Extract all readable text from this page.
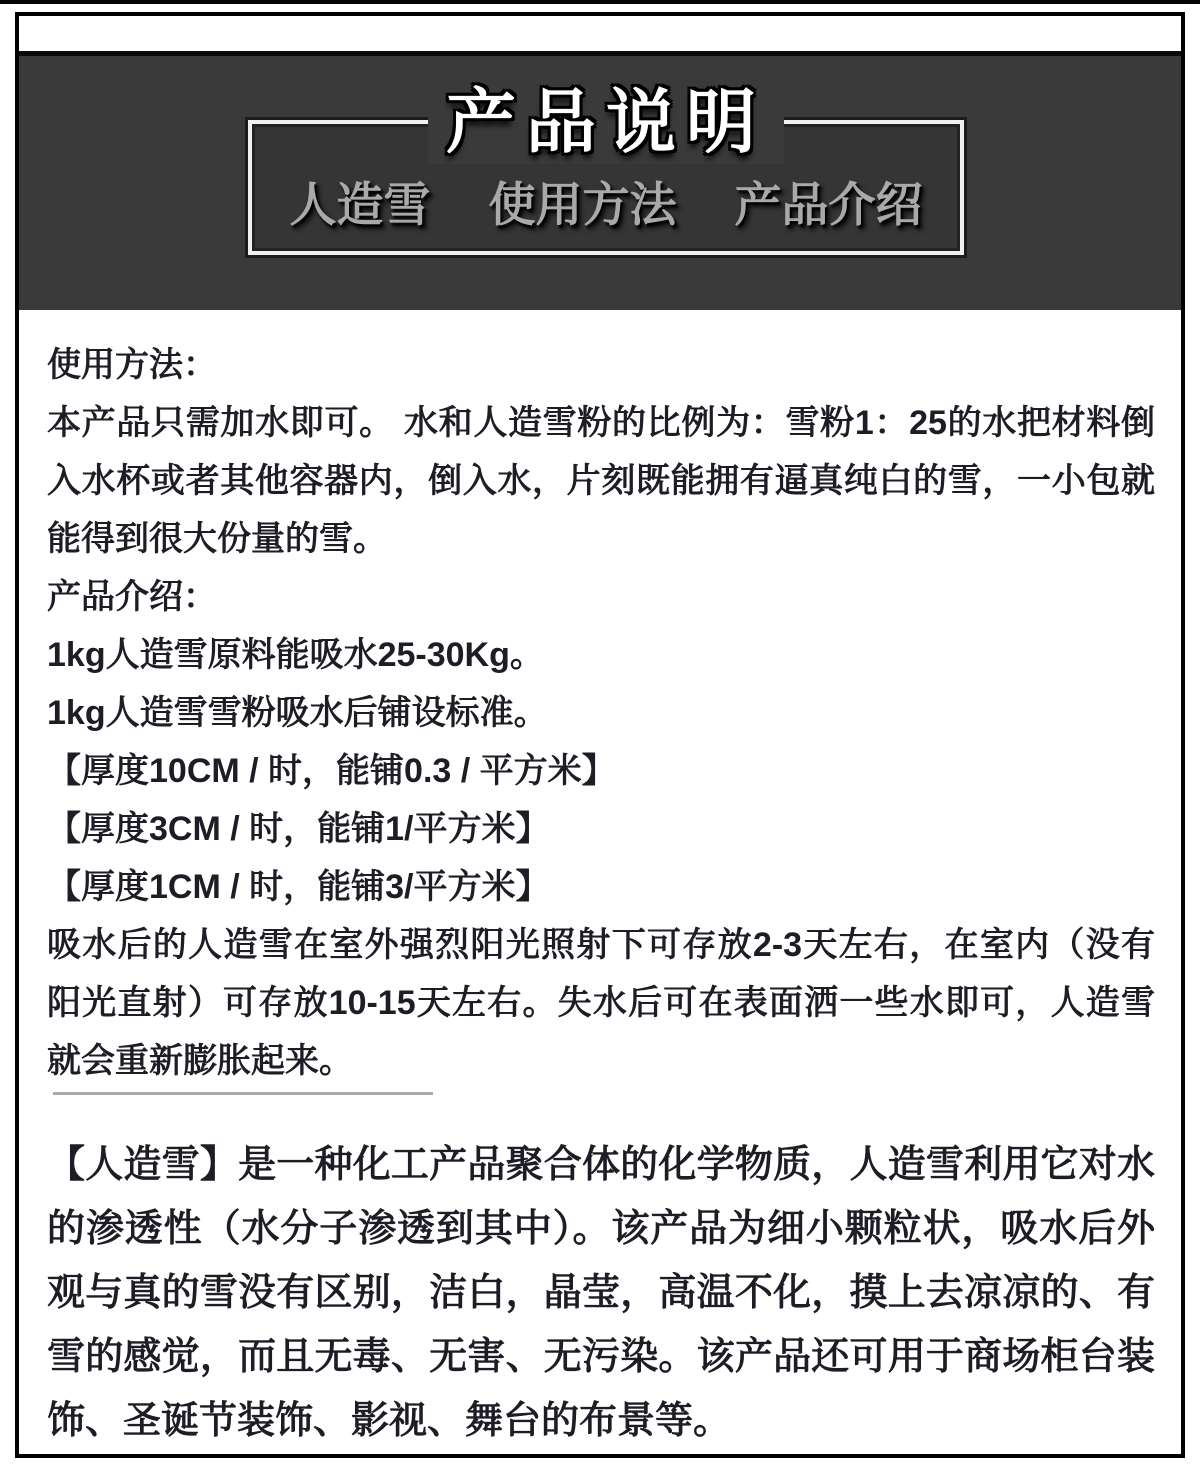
产品说明
人造雪 使用方法 产品介绍
使用方法：
本产品只需加水即可。 水和人造雪粉的比例为：雪粉1：25的水把材料倒
入水杯或者其他容器内，倒入水，片刻既能拥有逼真纯白的雪，一小包就
能得到很大份量的雪。
产品介绍：
1kg人造雪原料能吸水25-30Kg。
1kg人造雪雪粉吸水后铺设标准。
【厚度10CM / 时，能铺0.3 / 平方米】
【厚度3CM / 时，能铺1/平方米】
【厚度1CM / 时，能铺3/平方米】
吸水后的人造雪在室外强烈阳光照射下可存放2-3天左右，在室内（没有
阳光直射）可存放10-15天左右。失水后可在表面洒一些水即可，人造雪
就会重新膨胀起来。
【人造雪】是一种化工产品聚合体的化学物质，人造雪利用它对水
的渗透性（水分子渗透到其中）。该产品为细小颗粒状，吸水后外
观与真的雪没有区别，洁白，晶莹，高温不化，摸上去凉凉的、有
雪的感觉，而且无毒、无害、无污染。该产品还可用于商场柜台装
饰、圣诞节装饰、影视、舞台的布景等。
